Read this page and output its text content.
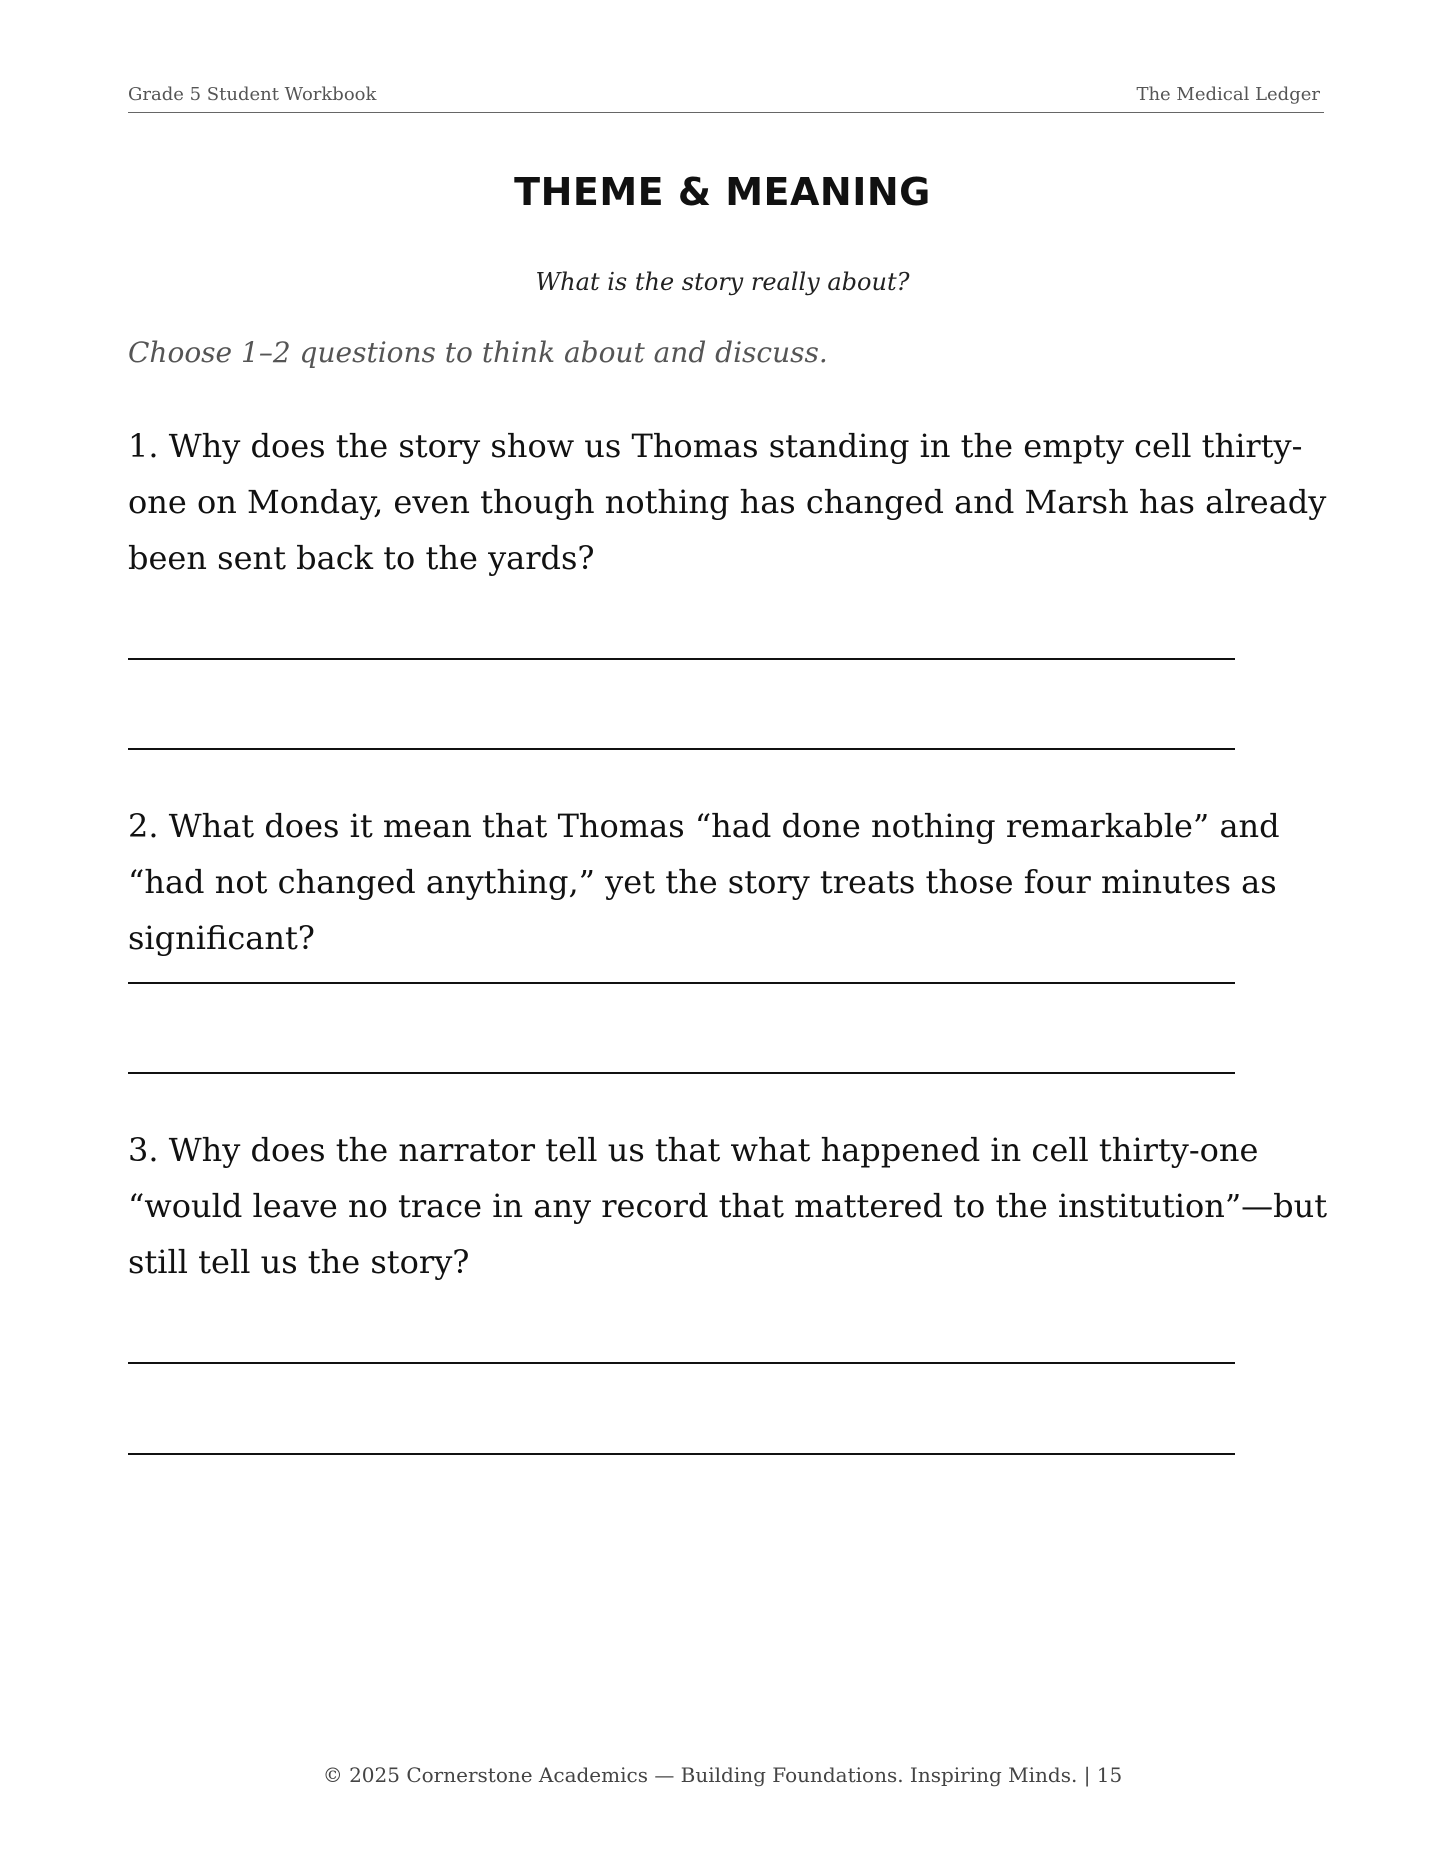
Grade 5 Student Workbook	The Medical Ledger
THEME & MEANING
What is the story really about?
Choose 1–2 questions to think about and discuss.
1. Why does the story show us Thomas standing in the empty cell thirty-one on Monday, even though nothing has changed and Marsh has already been sent back to the yards?
2. What does it mean that Thomas “had done nothing remarkable” and “had not changed anything,” yet the story treats those four minutes as significant?
3. Why does the narrator tell us that what happened in cell thirty-one “would leave no trace in any record that mattered to the institution”—but still tell us the story?
© 2025 Cornerstone Academics — Building Foundations. Inspiring Minds. | 15
